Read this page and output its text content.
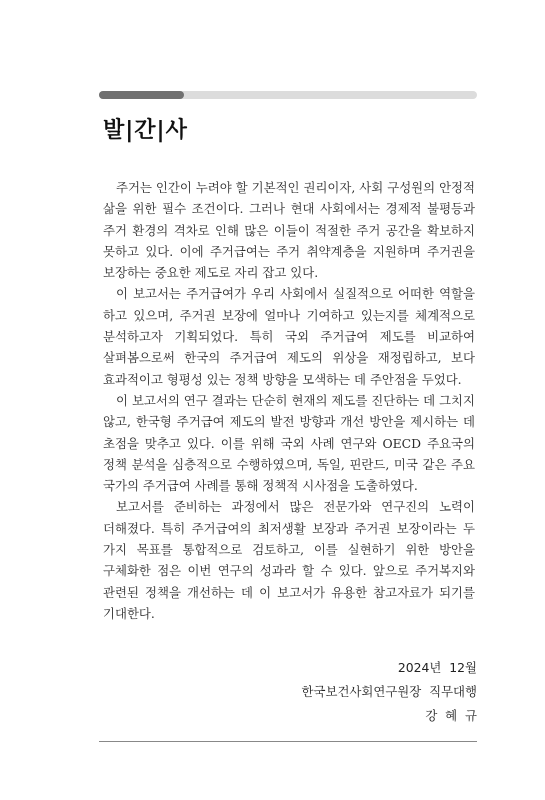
발|간|사

주거는 인간이 누려야 할 기본적인 권리이자, 사회 구성원의 안정적 삶을 위한 필수 조건이다. 그러나 현대 사회에서는 경제적 불평등과 주거 환경의 격차로 인해 많은 이들이 적절한 주거 공간을 확보하지 못하고 있다. 이에 주거급여는 주거 취약계층을 지원하며 주거권을 보장하는 중요한 제도로 자리 잡고 있다.

이 보고서는 주거급여가 우리 사회에서 실질적으로 어떠한 역할을 하고 있으며, 주거권 보장에 얼마나 기여하고 있는지를 체계적으로 분석하고자 기획되었다. 특히 국외 주거급여 제도를 비교하여 살펴봄으로써 한국의 주거급여 제도의 위상을 재정립하고, 보다 효과적이고 형평성 있는 정책 방향을 모색하는 데 주안점을 두었다.

이 보고서의 연구 결과는 단순히 현재의 제도를 진단하는 데 그치지 않고, 한국형 주거급여 제도의 발전 방향과 개선 방안을 제시하는 데 초점을 맞추고 있다. 이를 위해 국외 사례 연구와 OECD 주요국의 정책 분석을 심층적으로 수행하였으며, 독일, 핀란드, 미국 같은 주요 국가의 주거급여 사례를 통해 정책적 시사점을 도출하였다.

보고서를 준비하는 과정에서 많은 전문가와 연구진의 노력이 더해졌다. 특히 주거급여의 최저생활 보장과 주거권 보장이라는 두 가지 목표를 통합적으로 검토하고, 이를 실현하기 위한 방안을 구체화한 점은 이번 연구의 성과라 할 수 있다. 앞으로 주거복지와 관련된 정책을 개선하는 데 이 보고서가 유용한 참고자료가 되기를 기대한다.

2024년  12월
한국보건사회연구원장  직무대행
강  혜  규
